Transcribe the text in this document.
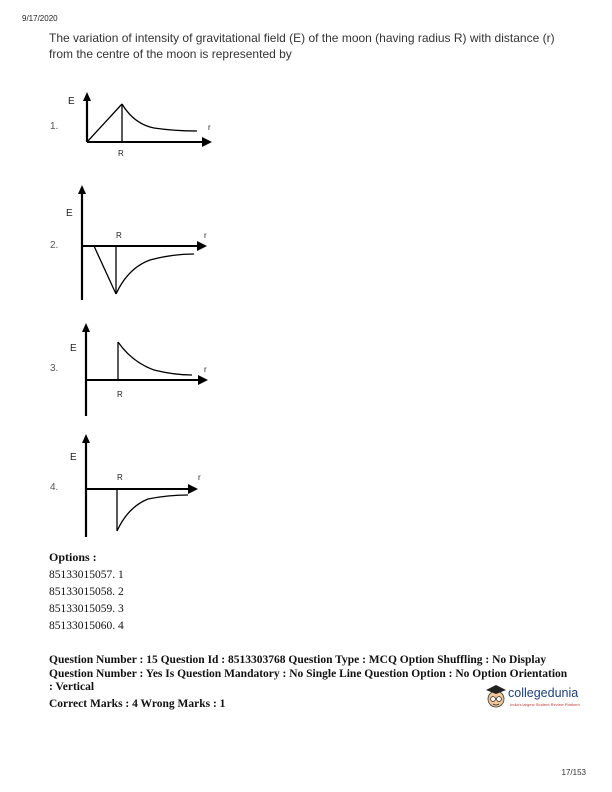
9/17/2020
The variation of intensity of gravitational field (E) of the moon (having radius R) with distance (r) from the centre of the moon is represented by
1.
E
r
R
2.
E
R	r
3.
E
r
R
4.
E
R	r
Options :
85133015057. 1
85133015058. 2
85133015059. 3
85133015060. 4
Question Number : 15 Question Id : 8513303768 Question Type : MCQ Option Shuffling : No Display Question Number : Yes Is Question Mandatory : No Single Line Question Option : No Option Orientation : Vertical
Correct Marks : 4 Wrong Marks : 1
collegedunia
India's largest Student Review Platform
17/153
